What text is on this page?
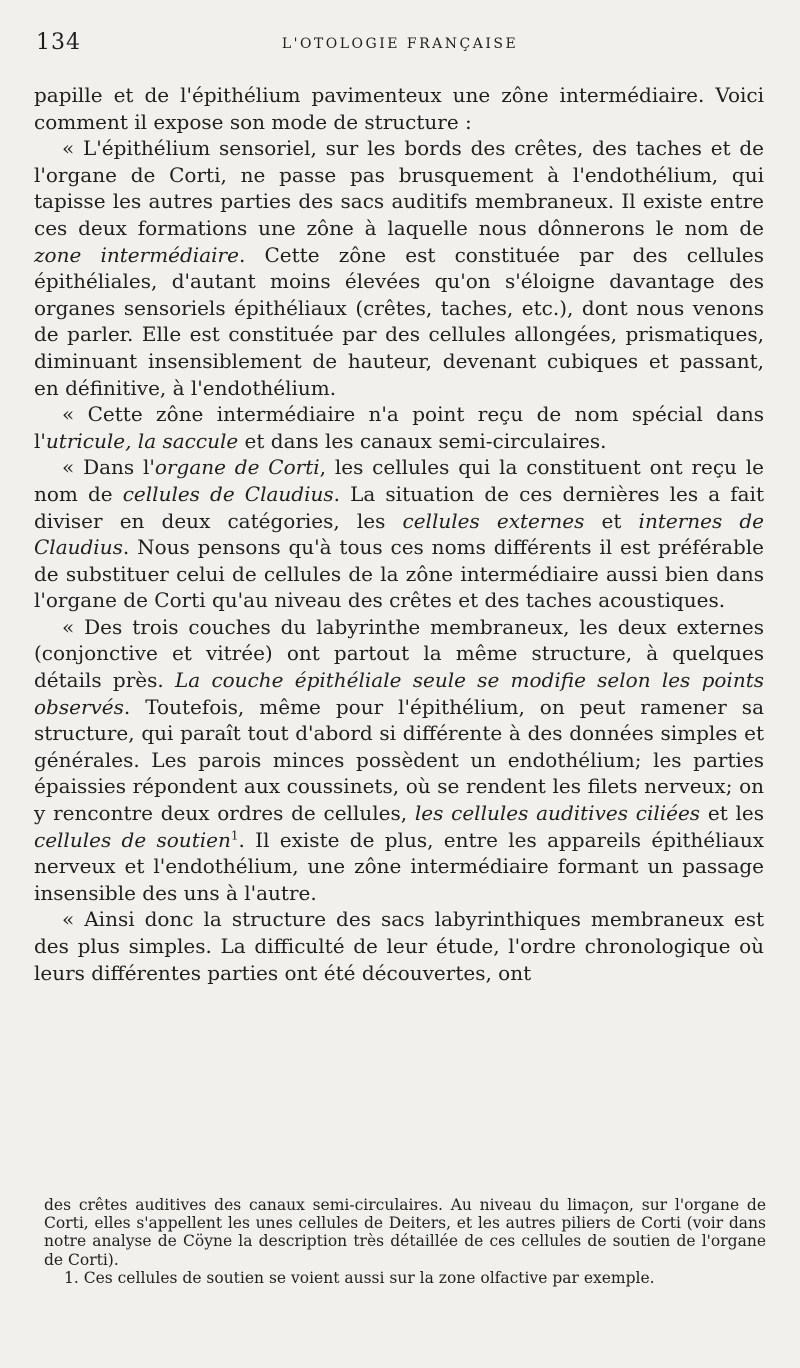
134	L'OTOLOGIE FRANÇAISE

papille et de l'épithélium pavimenteux une zône intermédiaire. Voici comment il expose son mode de structure :

« L'épithélium sensoriel, sur les bords des crêtes, des taches et de l'organe de Corti, ne passe pas brusquement à l'endothélium, qui tapisse les autres parties des sacs auditifs membraneux. Il existe entre ces deux formations une zône à laquelle nous dônnerons le nom de zone intermédiaire. Cette zône est constituée par des cellules épithéliales, d'autant moins élevées qu'on s'éloigne davantage des organes sensoriels épithéliaux (crêtes, taches, etc.), dont nous venons de parler. Elle est constituée par des cellules allongées, prismatiques, diminuant insensiblement de hauteur, devenant cubiques et passant, en définitive, à l'endothélium.

« Cette zône intermédiaire n'a point reçu de nom spécial dans l'utricule, la saccule et dans les canaux semi-circulaires.

« Dans l'organe de Corti, les cellules qui la constituent ont reçu le nom de cellules de Claudius. La situation de ces dernières les a fait diviser en deux catégories, les cellules externes et internes de Claudius. Nous pensons qu'à tous ces noms différents il est préférable de substituer celui de cellules de la zône intermédiaire aussi bien dans l'organe de Corti qu'au niveau des crêtes et des taches acoustiques.

« Des trois couches du labyrinthe membraneux, les deux externes (conjonctive et vitrée) ont partout la même structure, à quelques détails près. La couche épithéliale seule se modifie selon les points observés. Toutefois, même pour l'épithélium, on peut ramener sa structure, qui paraît tout d'abord si différente à des données simples et générales. Les parois minces possèdent un endothélium; les parties épaissies répondent aux coussinets, où se rendent les filets nerveux; on y rencontre deux ordres de cellules, les cellules auditives ciliées et les cellules de soutien$^1$. Il existe de plus, entre les appareils épithéliaux nerveux et l'endothélium, une zône intermédiaire formant un passage insensible des uns à l'autre.

« Ainsi donc la structure des sacs labyrinthiques membraneux est des plus simples. La difficulté de leur étude, l'ordre chronologique où leurs différentes parties ont été découvertes, ont

des crêtes auditives des canaux semi-circulaires. Au niveau du limaçon, sur l'organe de Corti, elles s'appellent les unes cellules de Deiters, et les autres piliers de Corti (voir dans notre analyse de Cöyne la description très détaillée de ces cellules de soutien de l'organe de Corti).

1. Ces cellules de soutien se voient aussi sur la zone olfactive par exemple.
